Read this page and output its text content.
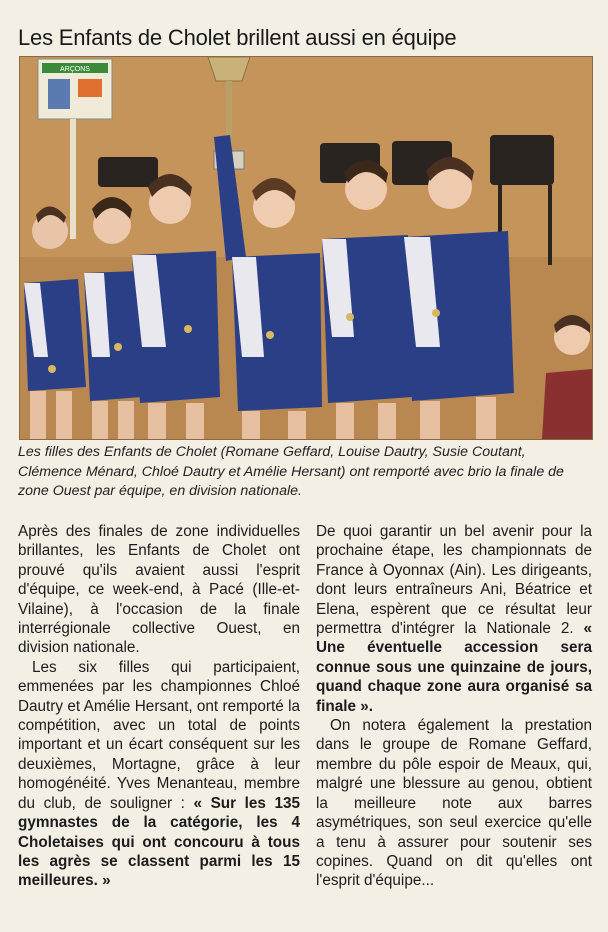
Les Enfants de Cholet brillent aussi en équipe
ARÇONS
Les filles des Enfants de Cholet (Romane Geffard, Louise Dautry, Susie Coutant, Clémence Ménard, Chloé Dautry et Amélie Hersant) ont remporté avec brio la finale de zone Ouest par équipe, en division nationale.

Après des finales de zone individuelles brillantes, les Enfants de Cholet ont prouvé qu'ils avaient aussi l'esprit d'équipe, ce week-end, à Pacé (Ille-et-Vilaine), à l'occasion de la finale interrégionale collective Ouest, en division nationale.

Les six filles qui participaient, emmenées par les championnes Chloé Dautry et Amélie Hersant, ont remporté la compétition, avec un total de points important et un écart conséquent sur les deuxièmes, Mortagne, grâce à leur homogénéité. Yves Menanteau, membre du club, de souligner : « Sur les 135 gymnastes de la catégorie, les 4 Choletaises qui ont concouru à tous les agrès se classent parmi les 15 meilleures. »

De quoi garantir un bel avenir pour la prochaine étape, les championnats de France à Oyonnax (Ain). Les dirigeants, dont leurs entraîneurs Ani, Béatrice et Elena, espèrent que ce résultat leur permettra d'intégrer la Nationale 2. « Une éventuelle accession sera connue sous une quinzaine de jours, quand chaque zone aura organisé sa finale ».

On notera également la prestation dans le groupe de Romane Geffard, membre du pôle espoir de Meaux, qui, malgré une blessure au genou, obtient la meilleure note aux barres asymétriques, son seul exercice qu'elle a tenu à assurer pour soutenir ses copines. Quand on dit qu'elles ont l'esprit d'équipe...
